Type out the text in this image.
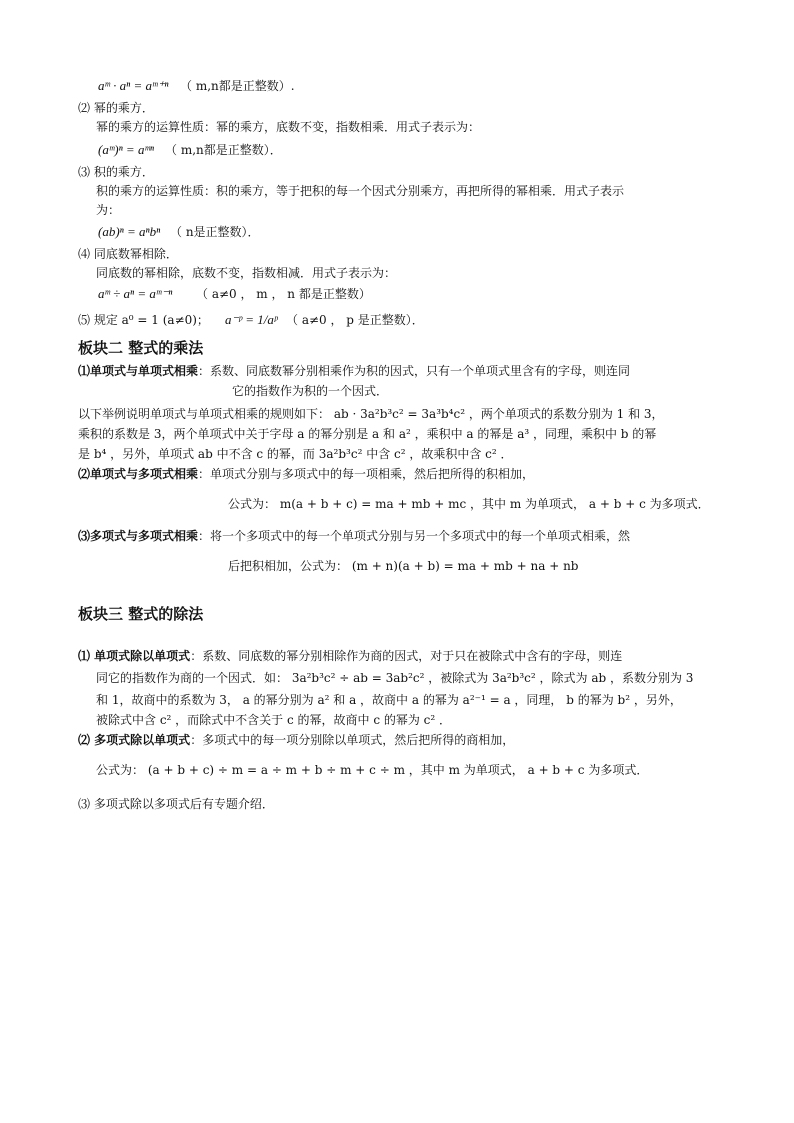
aᵐ · aⁿ = aᵐ⁺ⁿ （ m,n都是正整数）.
⑵ 幂的乘方．
幂的乘方的运算性质：幂的乘方，底数不变，指数相乘．用式子表示为：
(aᵐ)ⁿ = aᵐⁿ （ m,n都是正整数）．
⑶ 积的乘方．
积的乘方的运算性质：积的乘方，等于把积的每一个因式分别乘方，再把所得的幂相乘．用式子表示
为：
(ab)ⁿ = aⁿbⁿ （ n是正整数）．
⑷ 同底数幂相除．
同底数的幂相除，底数不变，指数相减．用式子表示为：
aᵐ ÷ aⁿ = aᵐ⁻ⁿ （ a≠0 ， m ， n 都是正整数）
⑸ 规定 a⁰ = 1 (a≠0)； a⁻ᵖ = 1/aᵖ （ a≠0 ， p 是正整数）．
板块二 整式的乘法
⑴单项式与单项式相乘：系数、同底数幂分别相乘作为积的因式，只有一个单项式里含有的字母，则连同
它的指数作为积的一个因式．
以下举例说明单项式与单项式相乘的规则如下： ab · 3a²b³c² = 3a³b⁴c² ，两个单项式的系数分别为 1 和 3，
乘积的系数是 3，两个单项式中关于字母 a 的幂分别是 a 和 a² ，乘积中 a 的幂是 a³ ，同理，乘积中 b 的幂
是 b⁴ ，另外，单项式 ab 中不含 c 的幂，而 3a²b³c² 中含 c² ，故乘积中含 c² ．
⑵单项式与多项式相乘：单项式分别与多项式中的每一项相乘，然后把所得的积相加，
公式为： m(a + b + c) = ma + mb + mc ，其中 m 为单项式， a + b + c 为多项式．
⑶多项式与多项式相乘：将一个多项式中的每一个单项式分别与另一个多项式中的每一个单项式相乘，然
后把积相加，公式为： (m + n)(a + b) = ma + mb + na + nb
板块三 整式的除法
⑴ 单项式除以单项式：系数、同底数的幂分别相除作为商的因式，对于只在被除式中含有的字母，则连
同它的指数作为商的一个因式．如： 3a²b³c² ÷ ab = 3ab²c² ，被除式为 3a²b³c² ，除式为 ab ，系数分别为 3
和 1，故商中的系数为 3， a 的幂分别为 a² 和 a ，故商中 a 的幂为 a²⁻¹ = a ，同理， b 的幂为 b² ，另外，
被除式中含 c² ，而除式中不含关于 c 的幂，故商中 c 的幂为 c² ．
⑵ 多项式除以单项式：多项式中的每一项分别除以单项式，然后把所得的商相加，
公式为： (a + b + c) ÷ m = a ÷ m + b ÷ m + c ÷ m ，其中 m 为单项式， a + b + c 为多项式．
⑶ 多项式除以多项式后有专题介绍．
